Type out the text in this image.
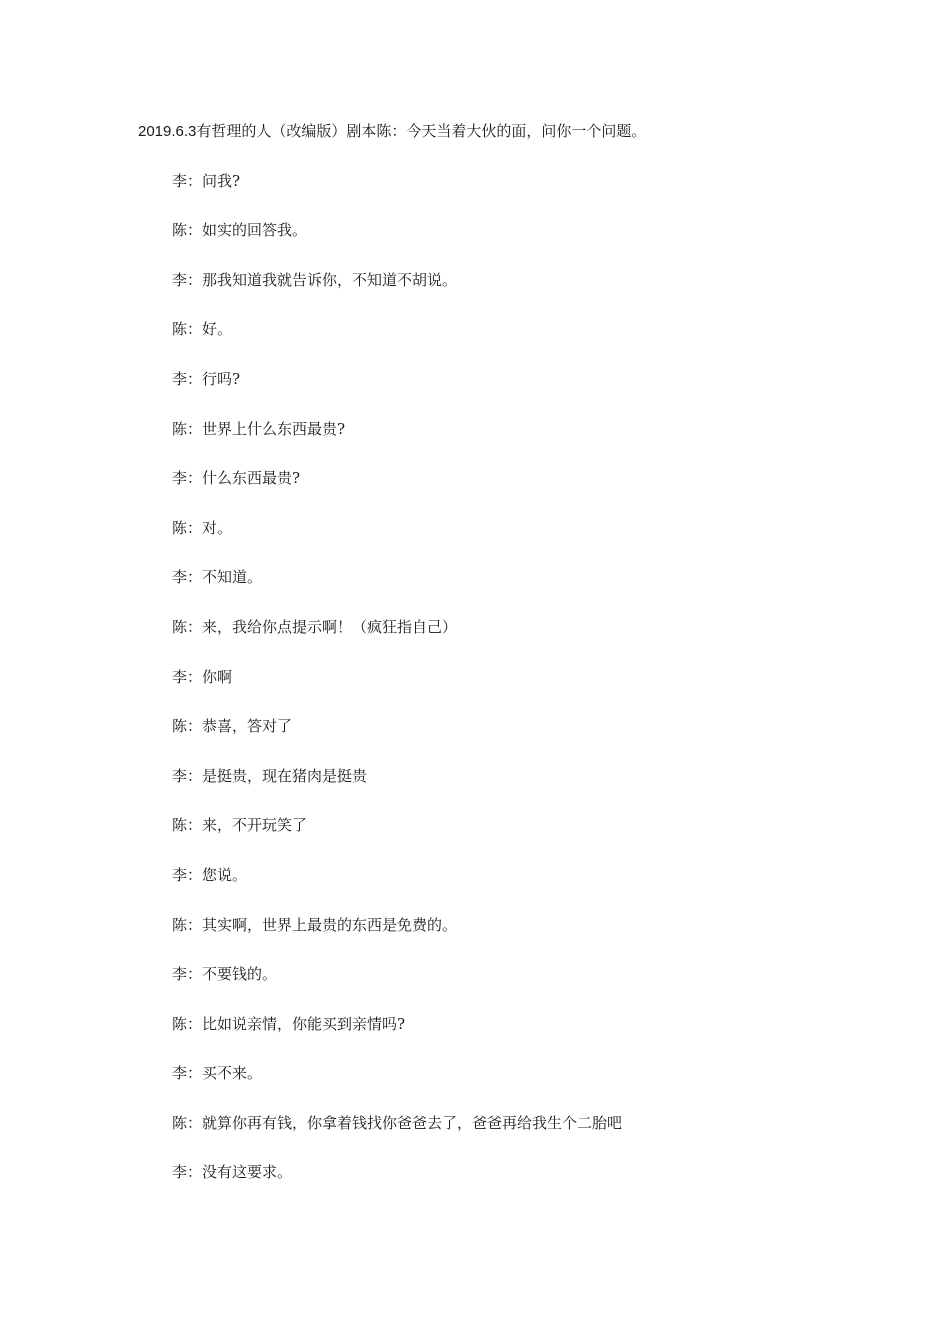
2019.6.3有哲理的人（改编版）剧本陈：今天当着大伙的面，问你一个问题。

李：问我?
陈：如实的回答我。
李：那我知道我就告诉你，不知道不胡说。
陈：好。
李：行吗?
陈：世界上什么东西最贵?
李：什么东西最贵?
陈：对。
李：不知道。
陈：来，我给你点提示啊！（疯狂指自己）
李：你啊
陈：恭喜，答对了
李：是挺贵，现在猪肉是挺贵
陈：来，不开玩笑了
李：您说。
陈：其实啊，世界上最贵的东西是免费的。
李：不要钱的。
陈：比如说亲情，你能买到亲情吗?
李：买不来。
陈：就算你再有钱，你拿着钱找你爸爸去了，爸爸再给我生个二胎吧
李：没有这要求。
